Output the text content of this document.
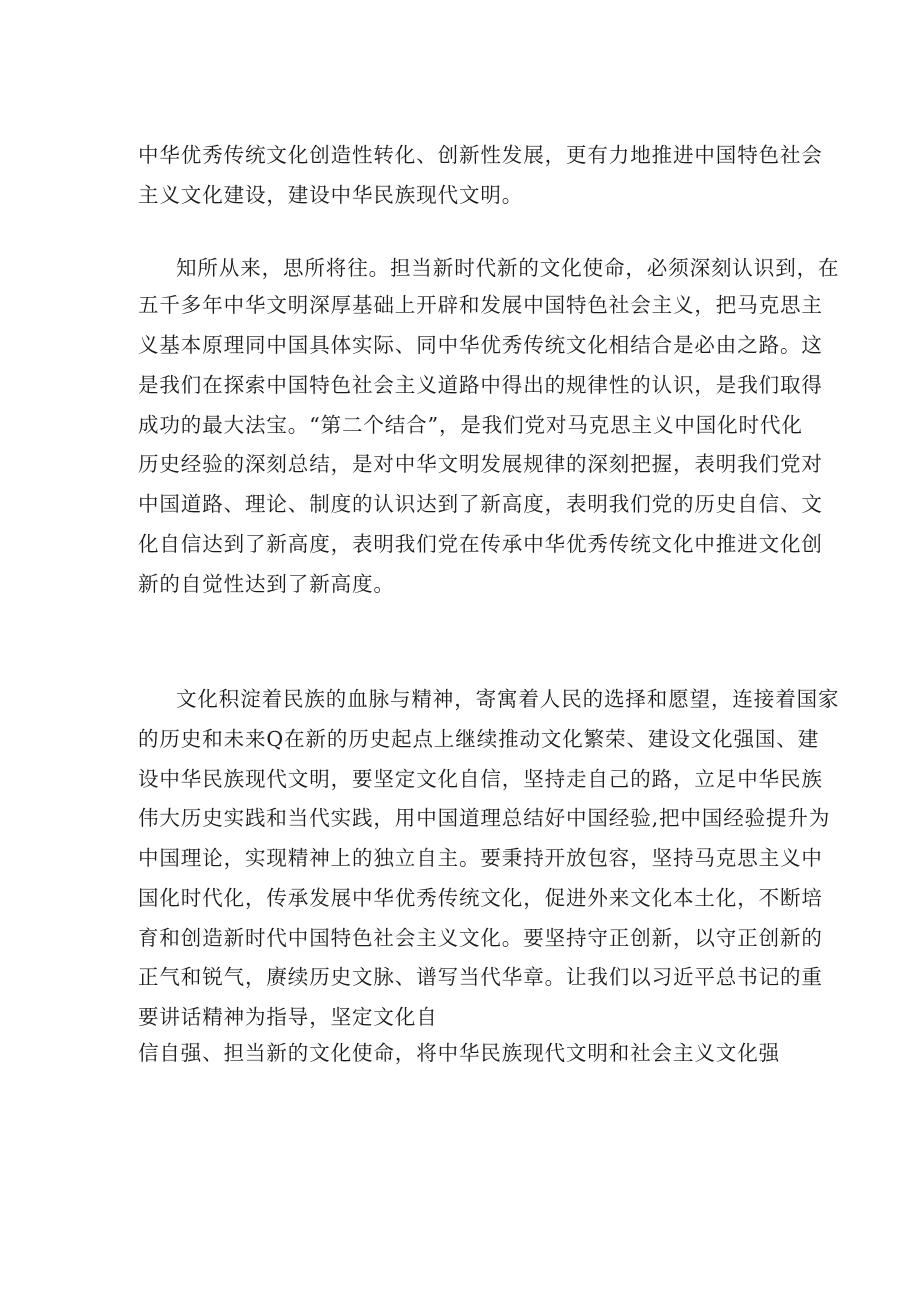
中华优秀传统文化创造性转化、创新性发展，更有力地推进中国特色社会
主义文化建设，建设中华民族现代文明。
知所从来，思所将往。担当新时代新的文化使命，必须深刻认识到，在
五千多年中华文明深厚基础上开辟和发展中国特色社会主义，把马克思主
义基本原理同中国具体实际、同中华优秀传统文化相结合是必由之路。这
是我们在探索中国特色社会主义道路中得出的规律性的认识，是我们取得
成功的最大法宝。“第二个结合”，是我们党对马克思主义中国化时代化
历史经验的深刻总结，是对中华文明发展规律的深刻把握，表明我们党对
中国道路、理论、制度的认识达到了新高度，表明我们党的历史自信、文
化自信达到了新高度，表明我们党在传承中华优秀传统文化中推进文化创
新的自觉性达到了新高度。
文化积淀着民族的血脉与精神，寄寓着人民的选择和愿望，连接着国家
的历史和未来Q在新的历史起点上继续推动文化繁荣、建设文化强国、建
设中华民族现代文明，要坚定文化自信，坚持走自己的路，立足中华民族
伟大历史实践和当代实践，用中国道理总结好中国经验,把中国经验提升为
中国理论，实现精神上的独立自主。要秉持开放包容，坚持马克思主义中
国化时代化，传承发展中华优秀传统文化，促进外来文化本土化，不断培
育和创造新时代中国特色社会主义文化。要坚持守正创新，以守正创新的
正气和锐气，赓续历史文脉、谱写当代华章。让我们以习近平总书记的重
要讲话精神为指导，坚定文化自
信自强、担当新的文化使命，将中华民族现代文明和社会主义文化强
